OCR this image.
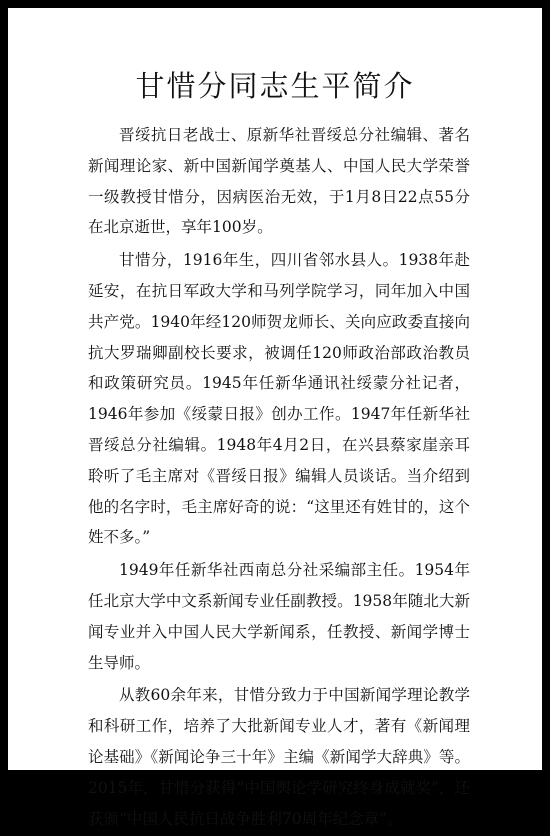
甘惜分同志生平简介

晋绥抗日老战士、原新华社晋绥总分社编辑、著名新闻理论家、新中国新闻学奠基人、中国人民大学荣誉一级教授甘惜分，因病医治无效，于1月8日22点55分在北京逝世，享年100岁。

甘惜分，1916年生，四川省邻水县人。1938年赴延安，在抗日军政大学和马列学院学习，同年加入中国共产党。1940年经120师贺龙师长、关向应政委直接向抗大罗瑞卿副校长要求，被调任120师政治部政治教员和政策研究员。1945年任新华通讯社绥蒙分社记者，1946年参加《绥蒙日报》创办工作。1947年任新华社晋绥总分社编辑。1948年4月2日，在兴县蔡家崖亲耳聆听了毛主席对《晋绥日报》编辑人员谈话。当介绍到他的名字时，毛主席好奇的说：“这里还有姓甘的，这个姓不多。”

1949年任新华社西南总分社采编部主任。1954年任北京大学中文系新闻专业任副教授。1958年随北大新闻专业并入中国人民大学新闻系，任教授、新闻学博士生导师。

从教60余年来，甘惜分致力于中国新闻学理论教学和科研工作，培养了大批新闻专业人才，著有《新闻理论基础》《新闻论争三十年》主编《新闻学大辞典》等。2015年，甘惜分获得“中国舆论学研究终身成就奖”，还获颁“中国人民抗日战争胜利70周年纪念章”。
